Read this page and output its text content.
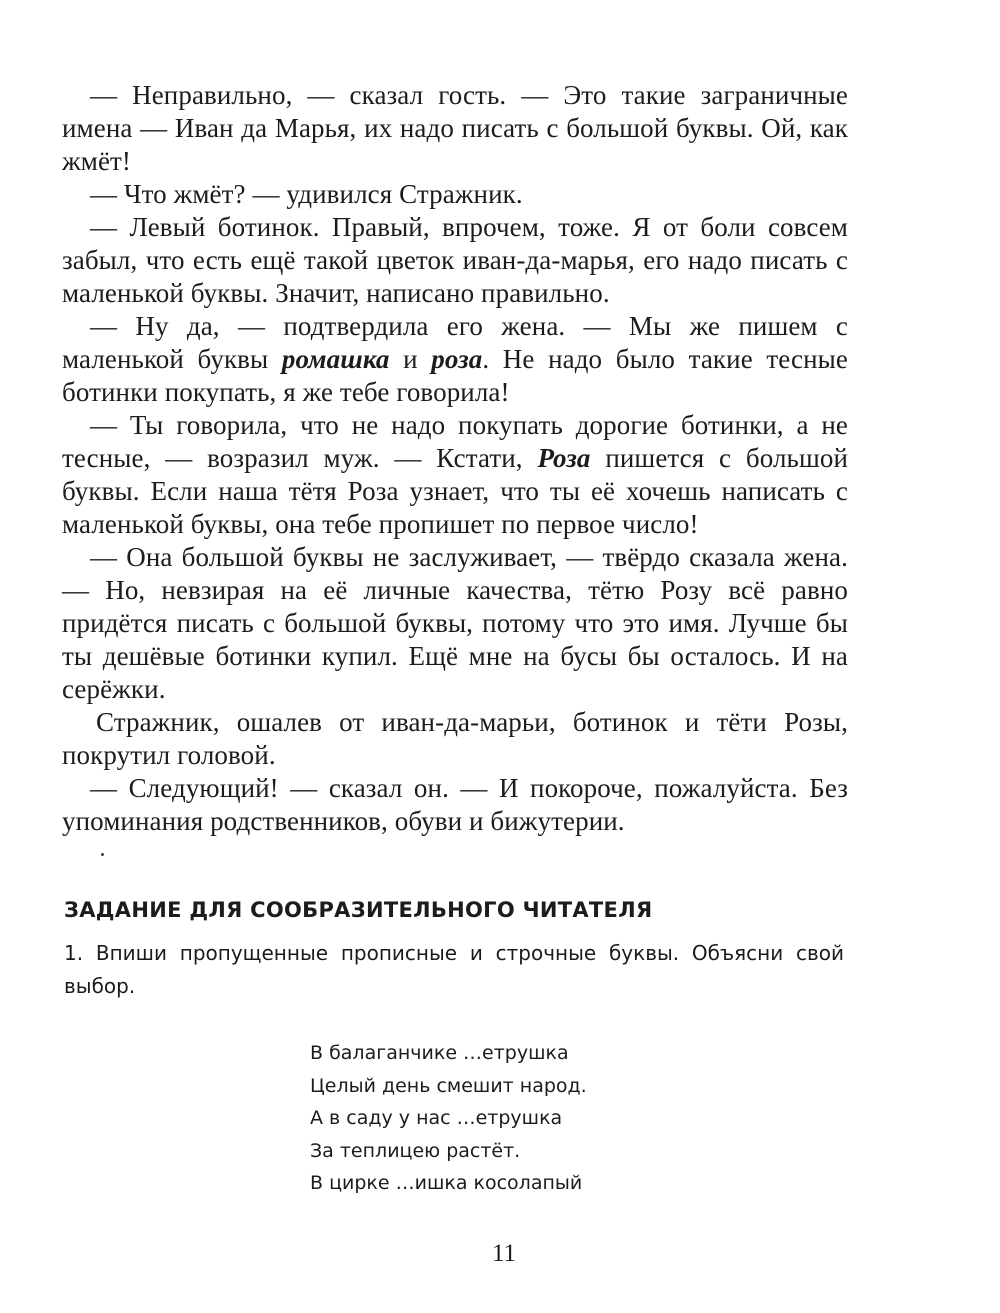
— Неправильно, — сказал гость. — Это такие заграничные имена — Иван да Марья, их надо писать с большой буквы. Ой, как жмёт!

— Что жмёт? — удивился Стражник.

— Левый ботинок. Правый, впрочем, тоже. Я от боли совсем забыл, что есть ещё такой цветок иван-да-марья, его надо писать с маленькой буквы. Значит, написано правильно.

— Ну да, — подтвердила его жена. — Мы же пишем с маленькой буквы ромашка и роза. Не надо было такие тесные ботинки покупать, я же тебе говорила!

— Ты говорила, что не надо покупать дорогие ботинки, а не тесные, — возразил муж. — Кстати, Роза пишется с большой буквы. Если наша тётя Роза узнает, что ты её хочешь написать с маленькой буквы, она тебе пропишет по первое число!

— Она большой буквы не заслуживает, — твёрдо сказала жена. — Но, невзирая на её личные качества, тётю Розу всё равно придётся писать с большой буквы, потому что это имя. Лучше бы ты дешёвые ботинки купил. Ещё мне на бусы бы осталось. И на серёжки.

Стражник, ошалев от иван-да-марьи, ботинок и тёти Розы, покрутил головой.

— Следующий! — сказал он. — И покороче, пожалуйста. Без упоминания родственников, обуви и бижутерии.

ЗАДАНИЕ ДЛЯ СООБРАЗИТЕЛЬНОГО ЧИТАТЕЛЯ
1. Впиши пропущенные прописные и строчные буквы. Объясни свой выбор.
В балаганчике …етрушка
Целый день смешит народ.
А в саду у нас …етрушка
За теплицею растёт.
В цирке …ишка косолапый
11
